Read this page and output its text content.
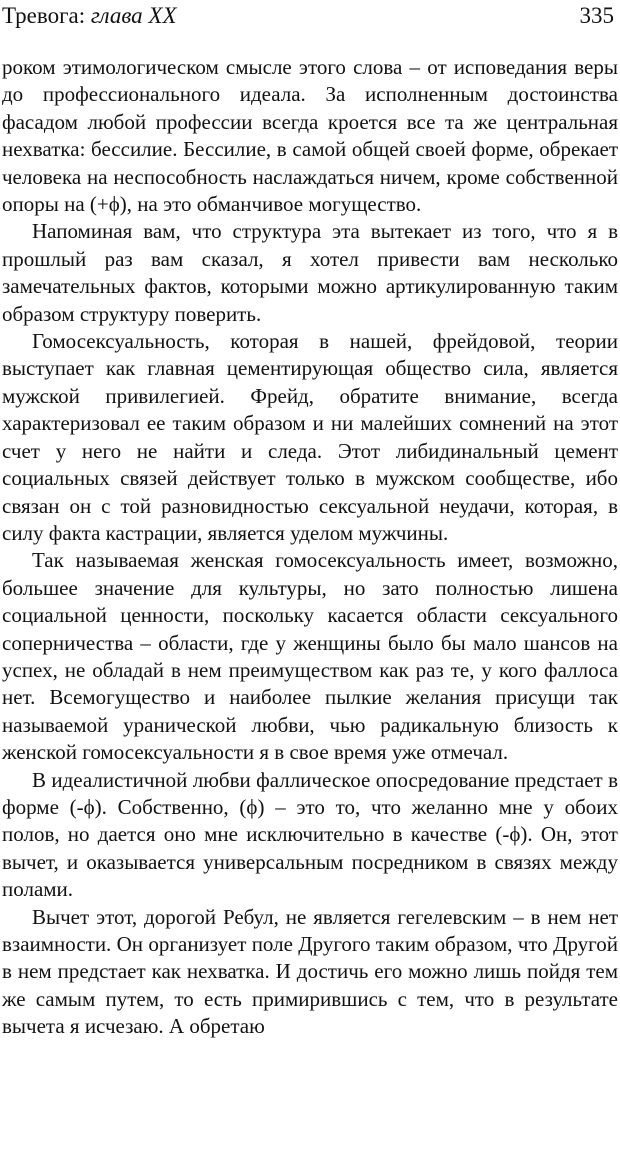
Тревога: глава XX	335

роком этимологическом смысле этого слова – от исповедания веры до профессионального идеала. За исполненным достоинства фасадом любой профессии всегда кроется все та же центральная нехватка: бессилие. Бессилие, в самой общей своей форме, обрекает человека на неспособность наслаждаться ничем, кроме собственной опоры на (+ϕ), на это обманчивое могущество.

Напоминая вам, что структура эта вытекает из того, что я в прошлый раз вам сказал, я хотел привести вам несколько замечательных фактов, которыми можно артикулированную таким образом структуру поверить.

Гомосексуальность, которая в нашей, фрейдовой, теории выступает как главная цементирующая общество сила, является мужской привилегией. Фрейд, обратите внимание, всегда характеризовал ее таким образом и ни малейших сомнений на этот счет у него не найти и следа. Этот либидинальный цемент социальных связей действует только в мужском сообществе, ибо связан он с той разновидностью сексуальной неудачи, которая, в силу факта кастрации, является уделом мужчины.

Так называемая женская гомосексуальность имеет, возможно, большее значение для культуры, но зато полностью лишена социальной ценности, поскольку касается области сексуального соперничества – области, где у женщины было бы мало шансов на успех, не обладай в нем преимуществом как раз те, у кого фаллоса нет. Всемогущество и наиболее пылкие желания присущи так называемой уранической любви, чью радикальную близость к женской гомосексуальности я в свое время уже отмечал.

В идеалистичной любви фаллическое опосредование предстает в форме (-ϕ). Собственно, (ϕ) – это то, что желанно мне у обоих полов, но дается оно мне исключительно в качестве (-ϕ). Он, этот вычет, и оказывается универсальным посредником в связях между полами.

Вычет этот, дорогой Ребул, не является гегелевским – в нем нет взаимности. Он организует поле Другого таким образом, что Другой в нем предстает как нехватка. И достичь его можно лишь пойдя тем же самым путем, то есть примирившись с тем, что в результате вычета я исчезаю. А обретаю
